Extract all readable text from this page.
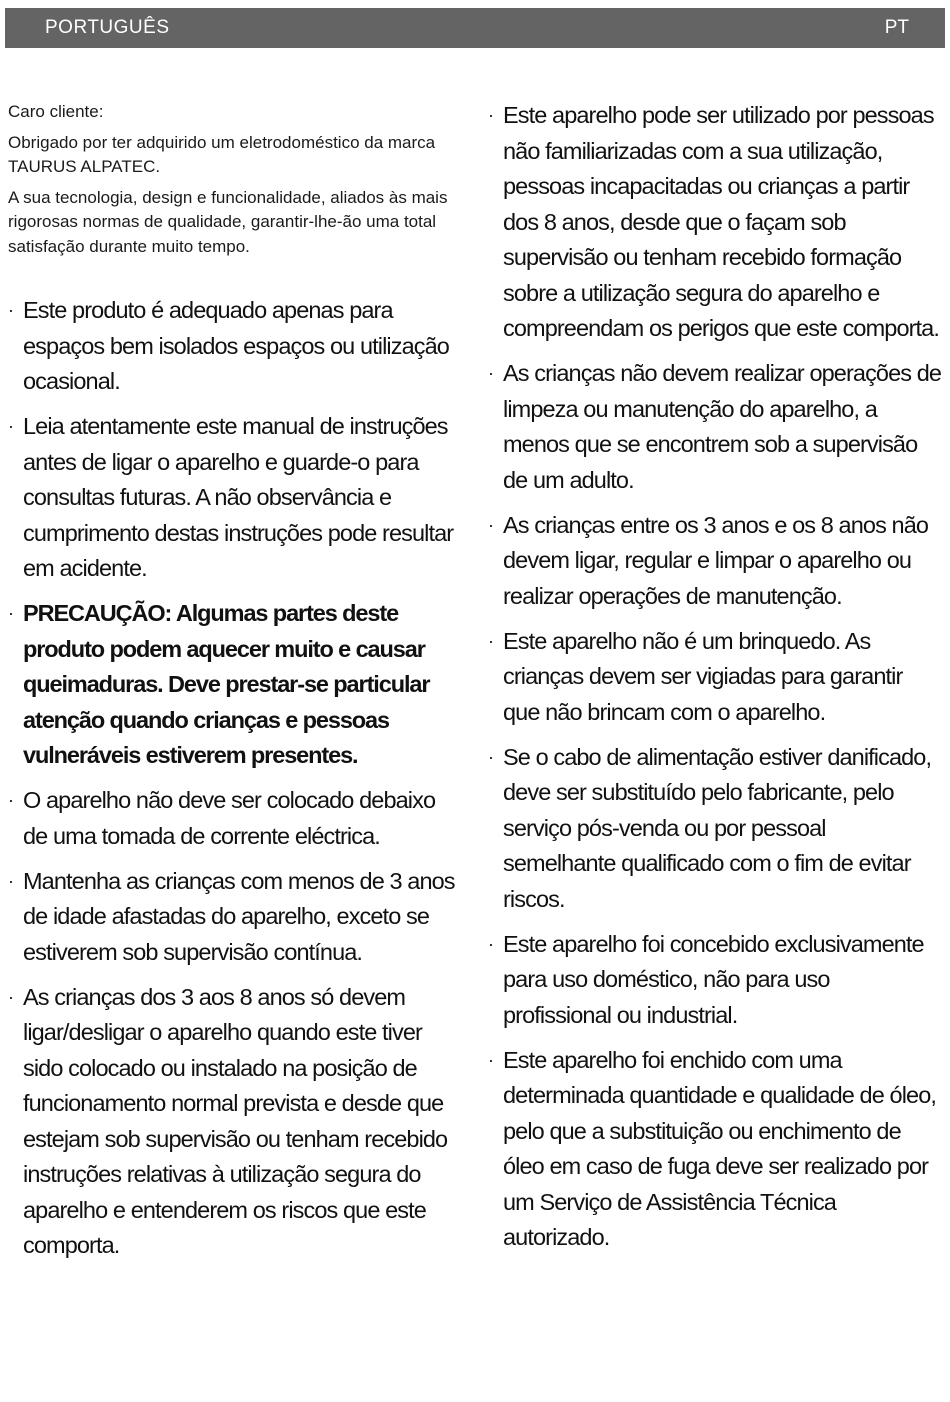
PORTUGUÊS	PT

Caro cliente:

Obrigado por ter adquirido um eletrodoméstico da marca TAURUS ALPATEC.

A sua tecnologia, design e funcionalidade, aliados às mais rigorosas normas de qualidade, garantir-lhe-ão uma total satisfação durante muito tempo.

· Este produto é adequado apenas para espaços bem isolados espaços ou utilização ocasional.
· Leia atentamente este manual de instruções antes de ligar o aparelho e guarde-o para consultas futuras. A não observância e cumprimento destas instruções pode resultar em acidente.
· PRECAUÇÃO: Algumas partes deste produto podem aquecer muito e causar queimaduras. Deve prestar-se particular atenção quando crianças e pessoas vulneráveis estiverem presentes.
· O aparelho não deve ser colocado debaixo de uma tomada de corrente eléctrica.
· Mantenha as crianças com menos de 3 anos de idade afastadas do aparelho, exceto se estiverem sob supervisão contínua.
· As crianças dos 3 aos 8 anos só devem ligar/desligar o aparelho quando este tiver sido colocado ou instalado na posição de funcionamento normal prevista e desde que estejam sob supervisão ou tenham recebido instruções relativas à utilização segura do aparelho e entenderem os riscos que este comporta.
· Este aparelho pode ser utilizado por pessoas não familiarizadas com a sua utilização, pessoas incapacitadas ou crianças a partir dos 8 anos, desde que o façam sob supervisão ou tenham recebido formação sobre a utilização segura do aparelho e compreendam os perigos que este comporta.
· As crianças não devem realizar operações de limpeza ou manutenção do aparelho, a menos que se encontrem sob a supervisão de um adulto.
· As crianças entre os 3 anos e os 8 anos não devem ligar, regular e limpar o aparelho ou realizar operações de manutenção.
· Este aparelho não é um brinquedo. As crianças devem ser vigiadas para garantir que não brincam com o aparelho.
· Se o cabo de alimentação estiver danificado, deve ser substituído pelo fabricante, pelo serviço pós-venda ou por pessoal semelhante qualificado com o fim de evitar riscos.
· Este aparelho foi concebido exclusivamente para uso doméstico, não para uso profissional ou industrial.
· Este aparelho foi enchido com uma determinada quantidade e qualidade de óleo, pelo que a substituição ou enchimento de óleo em caso de fuga deve ser realizado por um Serviço de Assistência Técnica autorizado.
